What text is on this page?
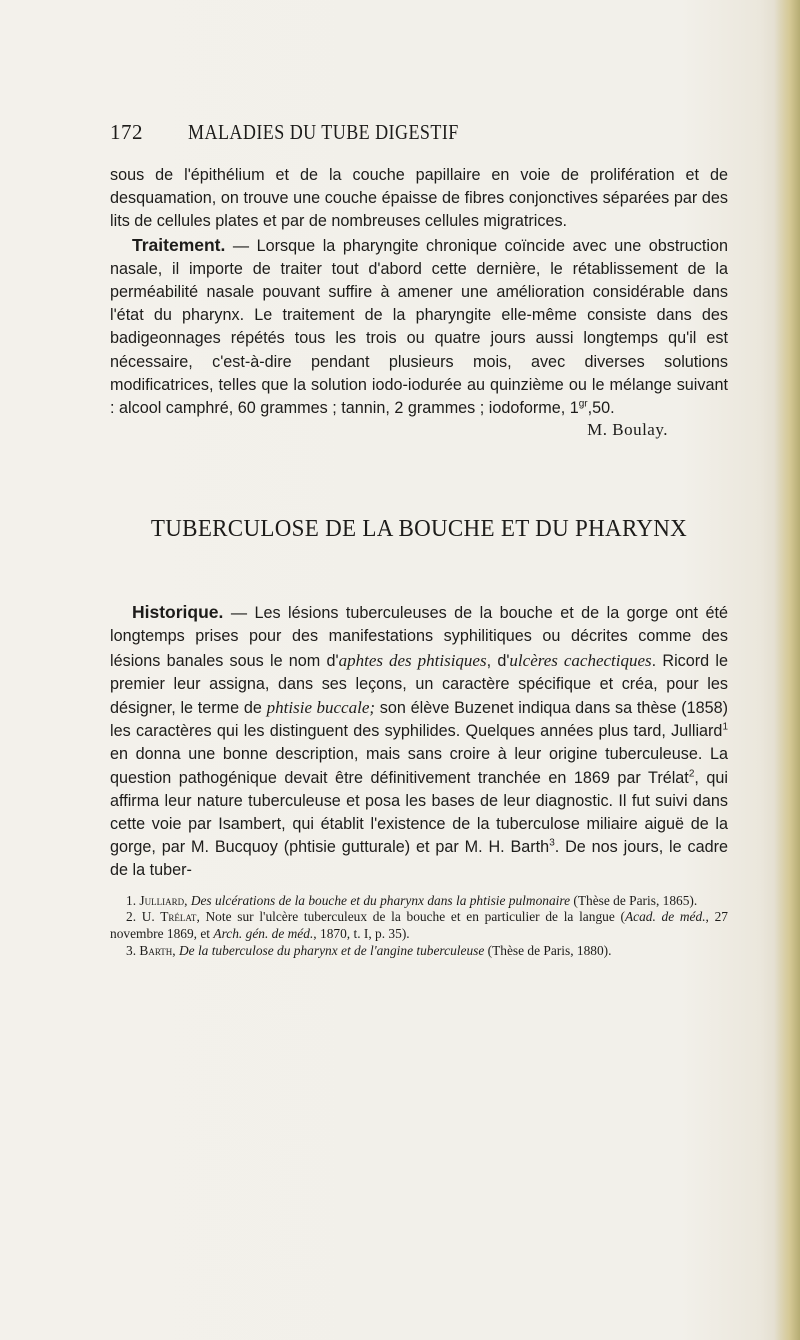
172	MALADIES DU TUBE DIGESTIF

sous de l'épithélium et de la couche papillaire en voie de prolifération et de desquamation, on trouve une couche épaisse de fibres conjonctives séparées par des lits de cellules plates et par de nombreuses cellules migratrices.

Traitement. — Lorsque la pharyngite chronique coïncide avec une obstruction nasale, il importe de traiter tout d'abord cette dernière, le rétablissement de la perméabilité nasale pouvant suffire à amener une amélioration considérable dans l'état du pharynx. Le traitement de la pharyngite elle-même consiste dans des badigeonnages répétés tous les trois ou quatre jours aussi longtemps qu'il est nécessaire, c'est-à-dire pendant plusieurs mois, avec diverses solutions modificatrices, telles que la solution iodo-iodurée au quinzième ou le mélange suivant : alcool camphré, 60 grammes ; tannin, 2 grammes ; iodoforme, $1^{gr},50$.

M. Boulay.

TUBERCULOSE DE LA BOUCHE ET DU PHARYNX

Historique. — Les lésions tuberculeuses de la bouche et de la gorge ont été longtemps prises pour des manifestations syphilitiques ou décrites comme des lésions banales sous le nom d'aphtes des phtisiques, d'ulcères cachectiques. Ricord le premier leur assigna, dans ses leçons, un caractère spécifique et créa, pour les désigner, le terme de phtisie buccale; son élève Buzenet indiqua dans sa thèse (1858) les caractères qui les distinguent des syphilides. Quelques années plus tard, Julliard$^1$ en donna une bonne description, mais sans croire à leur origine tuberculeuse. La question pathogénique devait être définitivement tranchée en 1869 par Trélat$^2$, qui affirma leur nature tuberculeuse et posa les bases de leur diagnostic. Il fut suivi dans cette voie par Isambert, qui établit l'existence de la tuberculose miliaire aiguë de la gorge, par M. Bucquoy (phtisie gutturale) et par M. H. Barth$^3$. De nos jours, le cadre de la tuber-

1. Julliard, Des ulcérations de la bouche et du pharynx dans la phtisie pulmonaire (Thèse de Paris, 1865).

2. U. Trélat, Note sur l'ulcère tuberculeux de la bouche et en particulier de la langue (Acad. de méd., 27 novembre 1869, et Arch. gén. de méd., 1870, t. I, p. 35).

3. Barth, De la tuberculose du pharynx et de l'angine tuberculeuse (Thèse de Paris, 1880).
